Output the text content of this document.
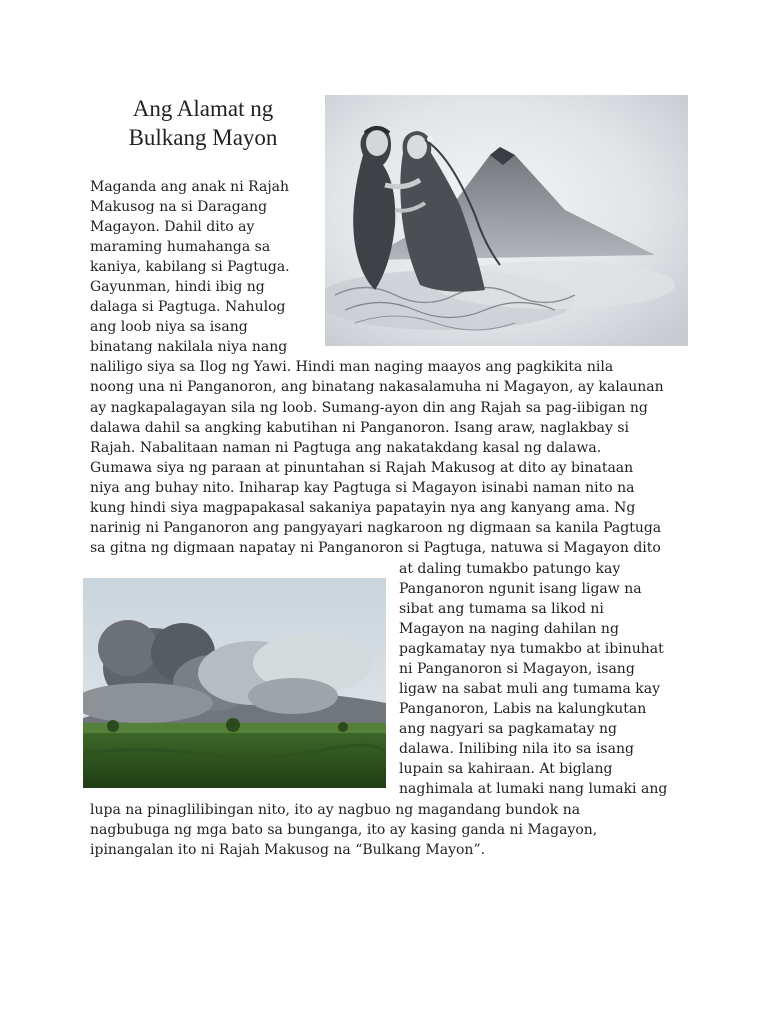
Ang Alamat ng
Bulkang Mayon
Maganda ang anak ni Rajah
Makusog na si Daragang
Magayon. Dahil dito ay
maraming humahanga sa
kaniya, kabilang si Pagtuga.
Gayunman, hindi ibig ng
dalaga si Pagtuga. Nahulog
ang loob niya sa isang
binatang nakilala niya nang
naliligo siya sa Ilog ng Yawi. Hindi man naging maayos ang pagkikita nila
noong una ni Panganoron, ang binatang nakasalamuha ni Magayon, ay kalaunan
ay nagkapalagayan sila ng loob. Sumang-ayon din ang Rajah sa pag-iibigan ng
dalawa dahil sa angking kabutihan ni Panganoron. Isang araw, naglakbay si
Rajah. Nabalitaan naman ni Pagtuga ang nakatakdang kasal ng dalawa.
Gumawa siya ng paraan at pinuntahan si Rajah Makusog at dito ay binataan
niya ang buhay nito. Iniharap kay Pagtuga si Magayon isinabi naman nito na
kung hindi siya magpapakasal sakaniya papatayin nya ang kanyang ama. Ng
narinig ni Panganoron ang pangyayari nagkaroon ng digmaan sa kanila Pagtuga
sa gitna ng digmaan napatay ni Panganoron si Pagtuga, natuwa si Magayon dito
at daling tumakbo patungo kay
Panganoron ngunit isang ligaw na
sibat ang tumama sa likod ni
Magayon na naging dahilan ng
pagkamatay nya tumakbo at ibinuhat
ni Panganoron si Magayon, isang
ligaw na sabat muli ang tumama kay
Panganoron, Labis na kalungkutan
ang nagyari sa pagkamatay ng
dalawa. Inilibing nila ito sa isang
lupain sa kahiraan. At biglang
naghimala at lumaki nang lumaki ang
lupa na pinaglilibingan nito, ito ay nagbuo ng magandang bundok na
nagbubuga ng mga bato sa bunganga, ito ay kasing ganda ni Magayon,
ipinangalan ito ni Rajah Makusog na “Bulkang Mayon”.
